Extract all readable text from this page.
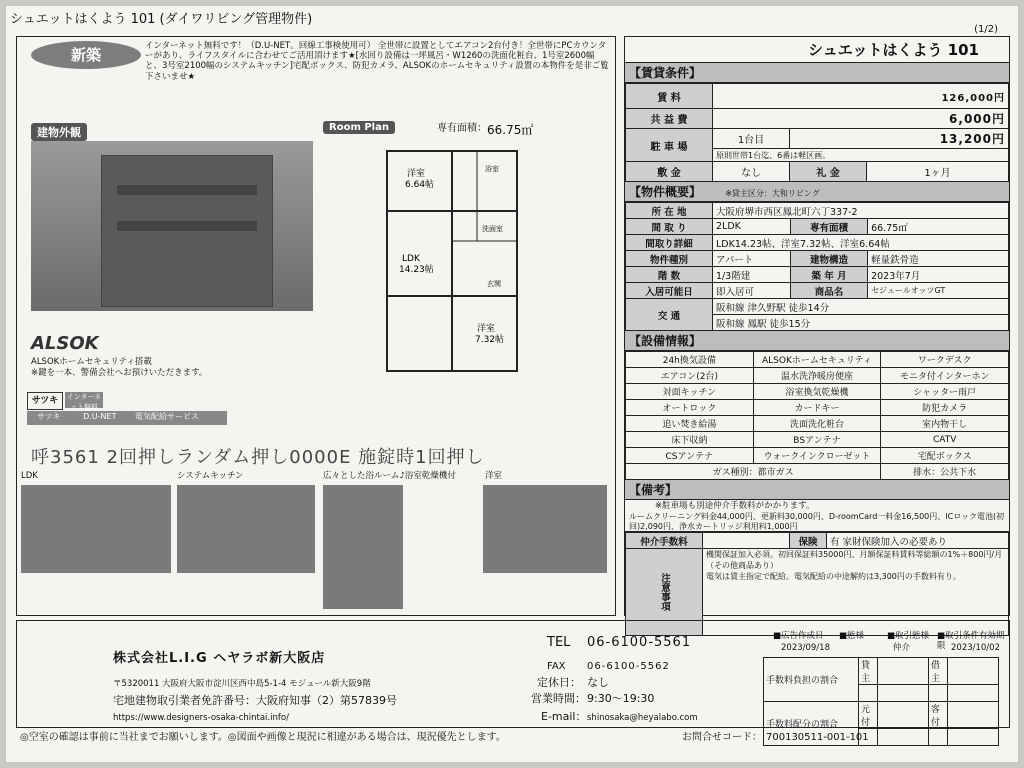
シュエットはくよう 101 (ダイワリビング管理物件)
(1/2)
新築	インターネット無料です！（D.U-NET。回線工事検使用可） 全世帯に設置としてエアコン2台付き！全世帯にPCカウンターがあり、ライフスタイルに合わせてご活用頂けます★[水回り設備は一坪風呂・W1260の洗面化粧台、1号室2600幅と、3号室2100幅のシステムキッチン]宅配ボックス、防犯カメラ、ALSOKのホームセキュリティ設置の本物件を是非ご覧下さいませ★
建物外観	Room Plan	専有面積： 66.75㎡
洋室
6.64帖
LDK
14.23帖
洋室
7.32帖
浴室
洗面室
玄関
ALSOK
ALSOKホームセキュリティ搭載
※鍵を一本、警備会社へお預けいただきます。
サツキ	インターネット無料
サツキ	D.U-NET 電気配給サービス
呼3561 2回押しランダム押し0000E 施錠時1回押し
LDK	システムキッチン	広々とした浴ルーム♪浴室乾燥機付	洋室
シュエットはくよう 101
【賃貸条件】
賃 料	126,000円		
共 益 費	6,000円		
駐 車 場	1台目	13,200円	
	原則世帯1台迄、6番は軽区画。		
敷 金	なし	礼 金	1ヶ月
【物件概要】	※貸主区分：大和リビング
所 在 地	大阪府堺市西区鳳北町六丁337-2		
間 取 り	2LDK	専有面積	66.75㎡
間取り詳細	LDK14.23帖、洋室7.32帖、洋室6.64帖		
物件種別	アパート	建物構造	軽量鉄骨造
階 数	1/3階建	築 年 月	2023年7月
入居可能日	即入居可	商品名	セジュールオッツGT
交 通	阪和線 津久野駅 徒歩14分		
	阪和線 鳳駅 徒歩15分		
【設備情報】
24h換気設備	ALSOKホームセキュリティ	ワークデスク
エアコン(2台)	温水洗浄暖房便座	モニタ付インターホン
対面キッチン	浴室換気乾燥機	シャッター雨戸
オートロック	カードキー	防犯カメラ
追い焚き給湯	洗面洗化粧台	室内物干し
床下収納	BSアンテナ	CATV
CSアンテナ	ウォークインクローゼット	宅配ボックス
ガス種別：都市ガス		排水：公共下水
【備考】
※駐車場も別途仲介手数料がかかります。
ルームクリーニング料金44,000円、更新料30,000円、D-roomCard一料金16,500円、ICロック電池(初回)2,090円、浄水カートリッジ利用料1,000円
仲介手数料		保険	有 家財保険加入の必要あり
注意事項	機関保証加入必須。初回保証料35000円、月額保証料賃料等総額の1%＋800円/月（その他商品あり）
電気は賃主指定で配給。電気配給の中途解約は3,300円の手数料有り。		
株式会社L.I.G ヘヤラボ新大阪店
〒5320011 大阪府大阪市淀川区西中島5-1-4 モジュール新大阪9階
宅地建物取引業者免許番号：大阪府知事（2）第57839号
https://www.designers-osaka-chintai.info/
TEL 06-6100-5561
FAX 06-6100-5562
定休日： なし
営業時間： 9:30～19:30
E-mail： shinosaka@heyalabo.com
■広告作成日
2023/09/18
■態様	■取引態様
仲介
■取引条件有効期限 2023/10/02
手数料負担の割合	貸主		借主	

手数料配分の割合	元付		客付	

◎空室の確認は事前に当社までお願いします。◎図面や画像と現況に相違がある場合は、現況優先とします。	お問合せコード： 700130511-001-101
